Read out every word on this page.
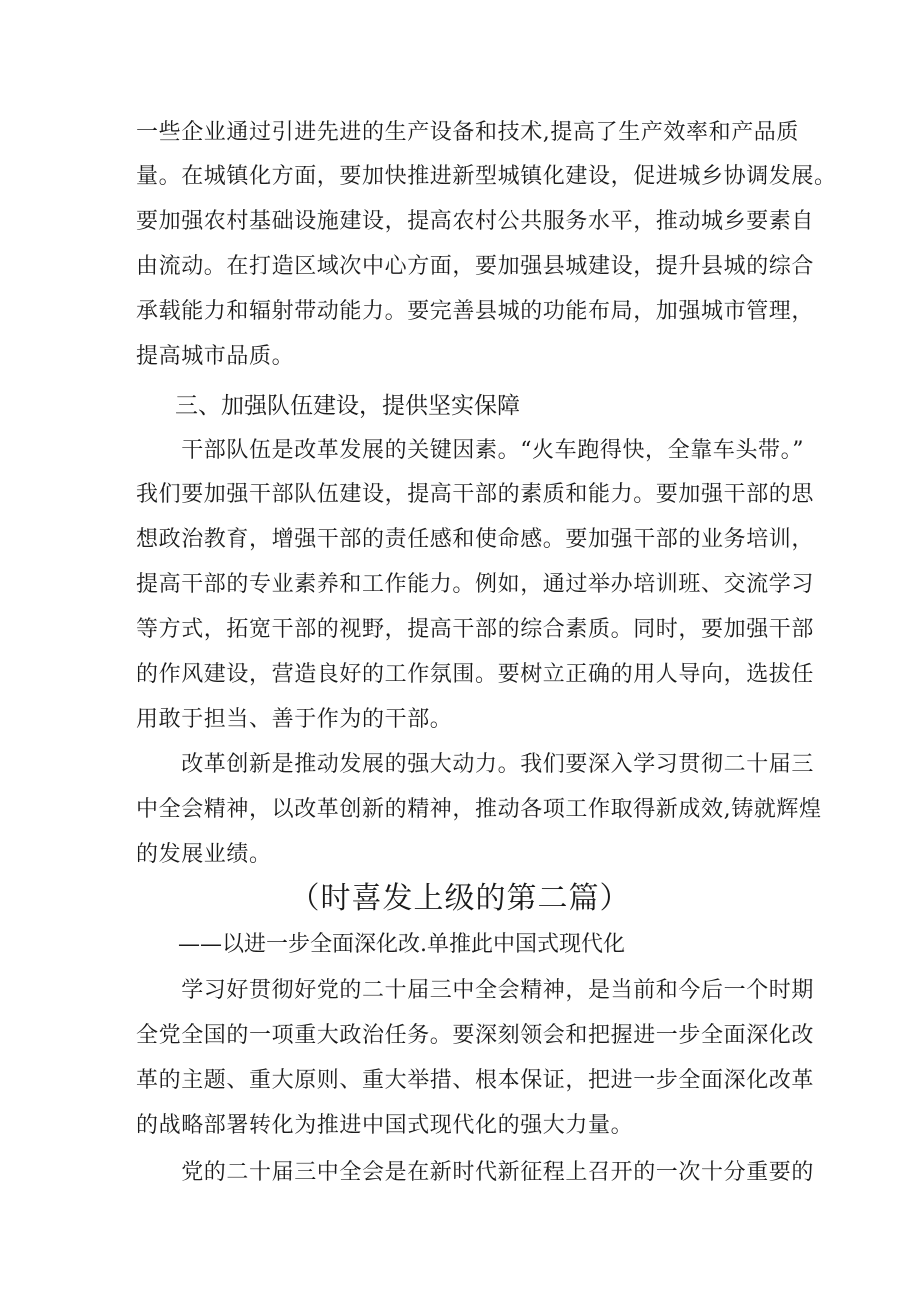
一些企业通过引进先进的生产设备和技术,提高了生产效率和产品质
量。在城镇化方面，要加快推进新型城镇化建设，促进城乡协调发展。
要加强农村基础设施建设，提高农村公共服务水平，推动城乡要素自
由流动。在打造区域次中心方面，要加强县城建设，提升县城的综合
承载能力和辐射带动能力。要完善县城的功能布局，加强城市管理，
提高城市品质。
三、加强队伍建设，提供坚实保障
　　干部队伍是改革发展的关键因素。“火车跑得快，全靠车头带。”
我们要加强干部队伍建设，提高干部的素质和能力。要加强干部的思
想政治教育，增强干部的责任感和使命感。要加强干部的业务培训，
提高干部的专业素养和工作能力。例如，通过举办培训班、交流学习
等方式，拓宽干部的视野，提高干部的综合素质。同时，要加强干部
的作风建设，营造良好的工作氛围。要树立正确的用人导向，选拔任
用敢于担当、善于作为的干部。
　　改革创新是推动发展的强大动力。我们要深入学习贯彻二十届三
中全会精神，以改革创新的精神，推动各项工作取得新成效,铸就辉煌
的发展业绩。
（时喜发上级的第二篇）
——以进一步全面深化改.单推此中国式现代化
　　学习好贯彻好党的二十届三中全会精神，是当前和今后一个时期
全党全国的一项重大政治任务。要深刻领会和把握进一步全面深化改
革的主题、重大原则、重大举措、根本保证，把进一步全面深化改革
的战略部署转化为推进中国式现代化的强大力量。
　　党的二十届三中全会是在新时代新征程上召开的一次十分重要的
